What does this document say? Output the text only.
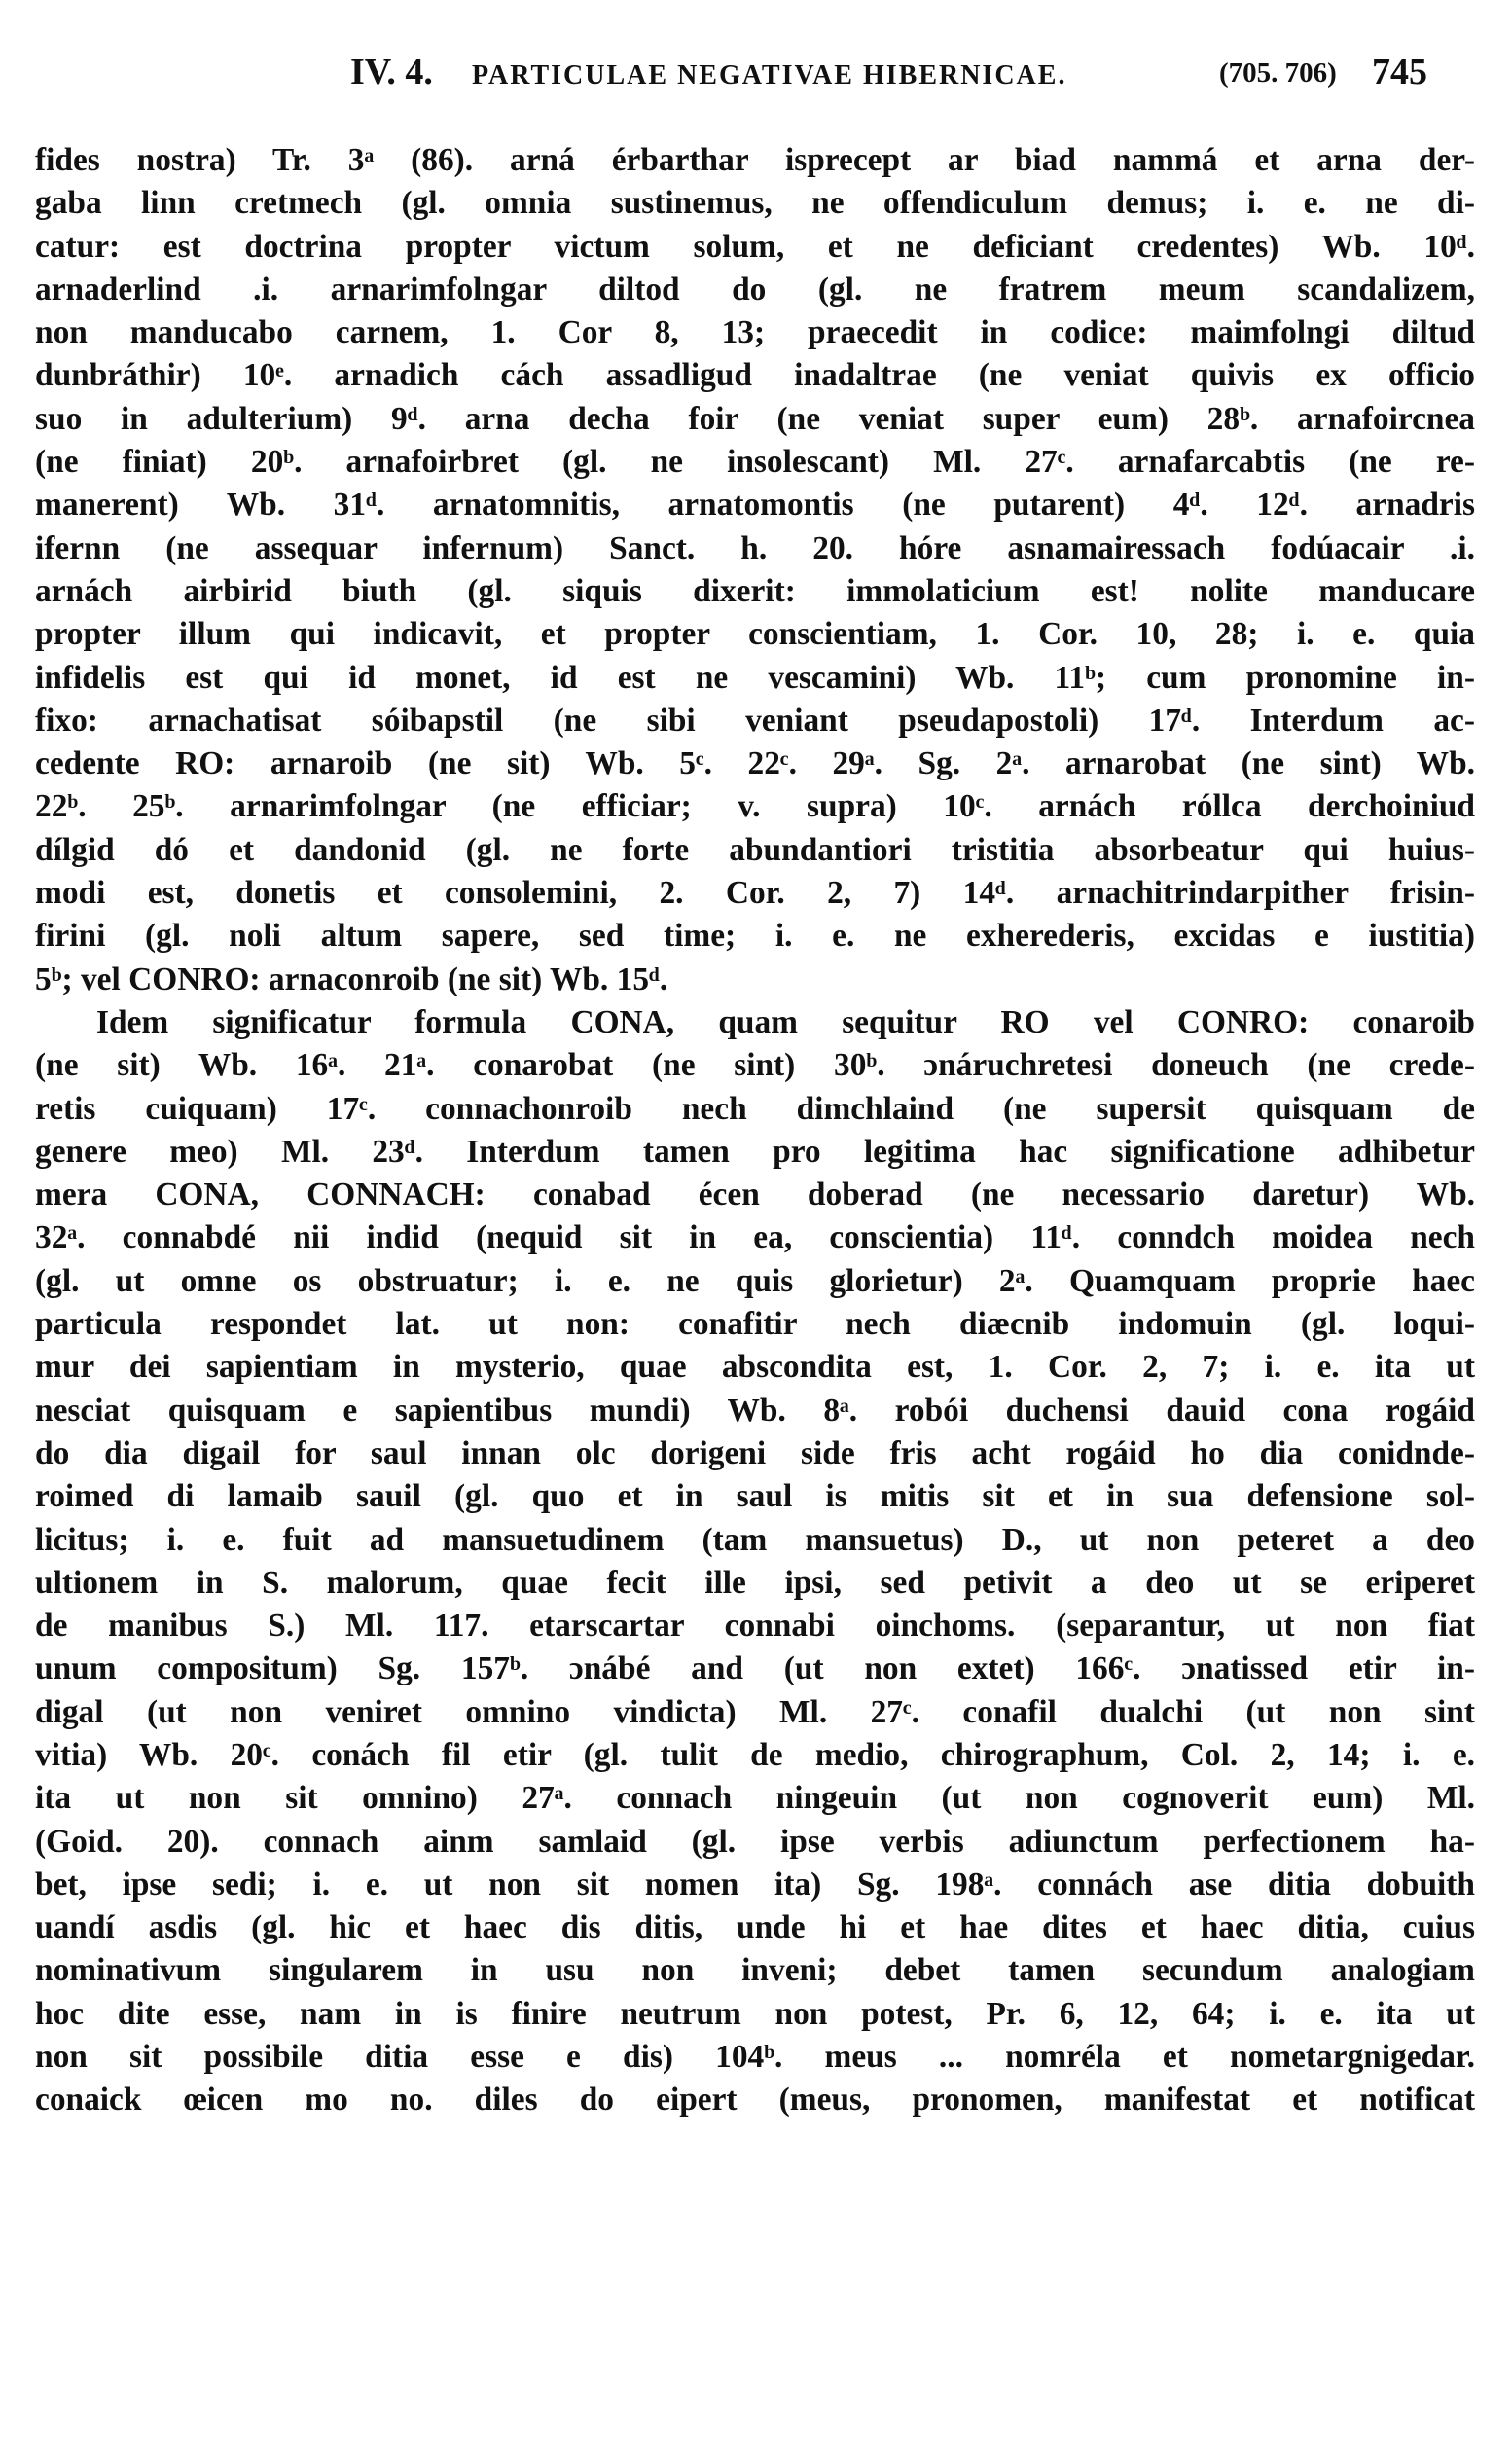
IV. 4. PARTICULAE NEGATIVAE HIBERNICAE.	(705. 706) 745
fides nostra) Tr. 3ᵃ (86). arná érbarthar isprecept ar biad nammá et arna der-
gaba linn cretmech (gl. omnia sustinemus, ne offendiculum demus; i. e. ne di-
catur: est doctrina propter victum solum, et ne deficiant credentes) Wb. 10ᵈ.
arnaderlind .i. arnarimfolngar diltod do (gl. ne fratrem meum scandalizem,
non manducabo carnem, 1. Cor 8, 13; praecedit in codice: maimfolngi diltud
dunbráthir) 10ᵉ. arnadich cách assadligud inadaltrae (ne veniat quivis ex officio
suo in adulterium) 9ᵈ. arna decha foir (ne veniat super eum) 28ᵇ. arnafoircnea
(ne finiat) 20ᵇ. arnafoirbret (gl. ne insolescant) Ml. 27ᶜ. arnafarcabtis (ne re-
manerent) Wb. 31ᵈ. arnatomnitis, arnatomontis (ne putarent) 4ᵈ. 12ᵈ. arnadris
ifernn (ne assequar infernum) Sanct. h. 20. hóre asnamairessach fodúacair .i.
arnách airbirid biuth (gl. siquis dixerit: immolaticium est! nolite manducare
propter illum qui indicavit, et propter conscientiam, 1. Cor. 10, 28; i. e. quia
infidelis est qui id monet, id est ne vescamini) Wb. 11ᵇ; cum pronomine in-
fixo: arnachatisat sóibapstil (ne sibi veniant pseudapostoli) 17ᵈ. Interdum ac-
cedente RO: arnaroib (ne sit) Wb. 5ᶜ. 22ᶜ. 29ᵃ. Sg. 2ᵃ. arnarobat (ne sint) Wb.
22ᵇ. 25ᵇ. arnarimfolngar (ne efficiar; v. supra) 10ᶜ. arnách róllca derchoiniud
dílgid dó et dandonid (gl. ne forte abundantiori tristitia absorbeatur qui huius-
modi est, donetis et consolemini, 2. Cor. 2, 7) 14ᵈ. arnachitrindarpither frisin-
firini (gl. noli altum sapere, sed time; i. e. ne exherederis, excidas e iustitia)
5ᵇ; vel CONRO: arnaconroib (ne sit) Wb. 15ᵈ.
Idem significatur formula CONA, quam sequitur RO vel CONRO: conaroib
(ne sit) Wb. 16ᵃ. 21ᵃ. conarobat (ne sint) 30ᵇ. ɔnáruchretesi doneuch (ne crede-
retis cuiquam) 17ᶜ. connachonroib nech dimchlaind (ne supersit quisquam de
genere meo) Ml. 23ᵈ. Interdum tamen pro legitima hac significatione adhibetur
mera CONA, CONNACH: conabad écen doberad (ne necessario daretur) Wb.
32ᵃ. connabdé nii indid (nequid sit in ea, conscientia) 11ᵈ. conndch moidea nech
(gl. ut omne os obstruatur; i. e. ne quis glorietur) 2ᵃ. Quamquam proprie haec
particula respondet lat. ut non: conafitir nech diæcnib indomuin (gl. loqui-
mur dei sapientiam in mysterio, quae abscondita est, 1. Cor. 2, 7; i. e. ita ut
nesciat quisquam e sapientibus mundi) Wb. 8ᵃ. robói duchensi dauid cona rogáid
do dia digail for saul innan olc dorigeni side fris acht rogáid ho dia conidnde-
roimed di lamaib sauil (gl. quo et in saul is mitis sit et in sua defensione sol-
licitus; i. e. fuit ad mansuetudinem (tam mansuetus) D., ut non peteret a deo
ultionem in S. malorum, quae fecit ille ipsi, sed petivit a deo ut se eriperet
de manibus S.) Ml. 117. etarscartar connabi oinchoms. (separantur, ut non fiat
unum compositum) Sg. 157ᵇ. ɔnábé and (ut non extet) 166ᶜ. ɔnatissed etir in-
digal (ut non veniret omnino vindicta) Ml. 27ᶜ. conafil dualchi (ut non sint
vitia) Wb. 20ᶜ. conách fil etir (gl. tulit de medio, chirographum, Col. 2, 14; i. e.
ita ut non sit omnino) 27ᵃ. connach ningeuin (ut non cognoverit eum) Ml.
(Goid. 20). connach ainm samlaid (gl. ipse verbis adiunctum perfectionem ha-
bet, ipse sedi; i. e. ut non sit nomen ita) Sg. 198ᵃ. connách ase ditia dobuith
uandí asdis (gl. hic et haec dis ditis, unde hi et hae dites et haec ditia, cuius
nominativum singularem in usu non inveni; debet tamen secundum analogiam
hoc dite esse, nam in is finire neutrum non potest, Pr. 6, 12, 64; i. e. ita ut
non sit possibile ditia esse e dis) 104ᵇ. meus ... nomréla et nometargnigedar.
conaick œicen mo no. diles do eipert (meus, pronomen, manifestat et notificat
